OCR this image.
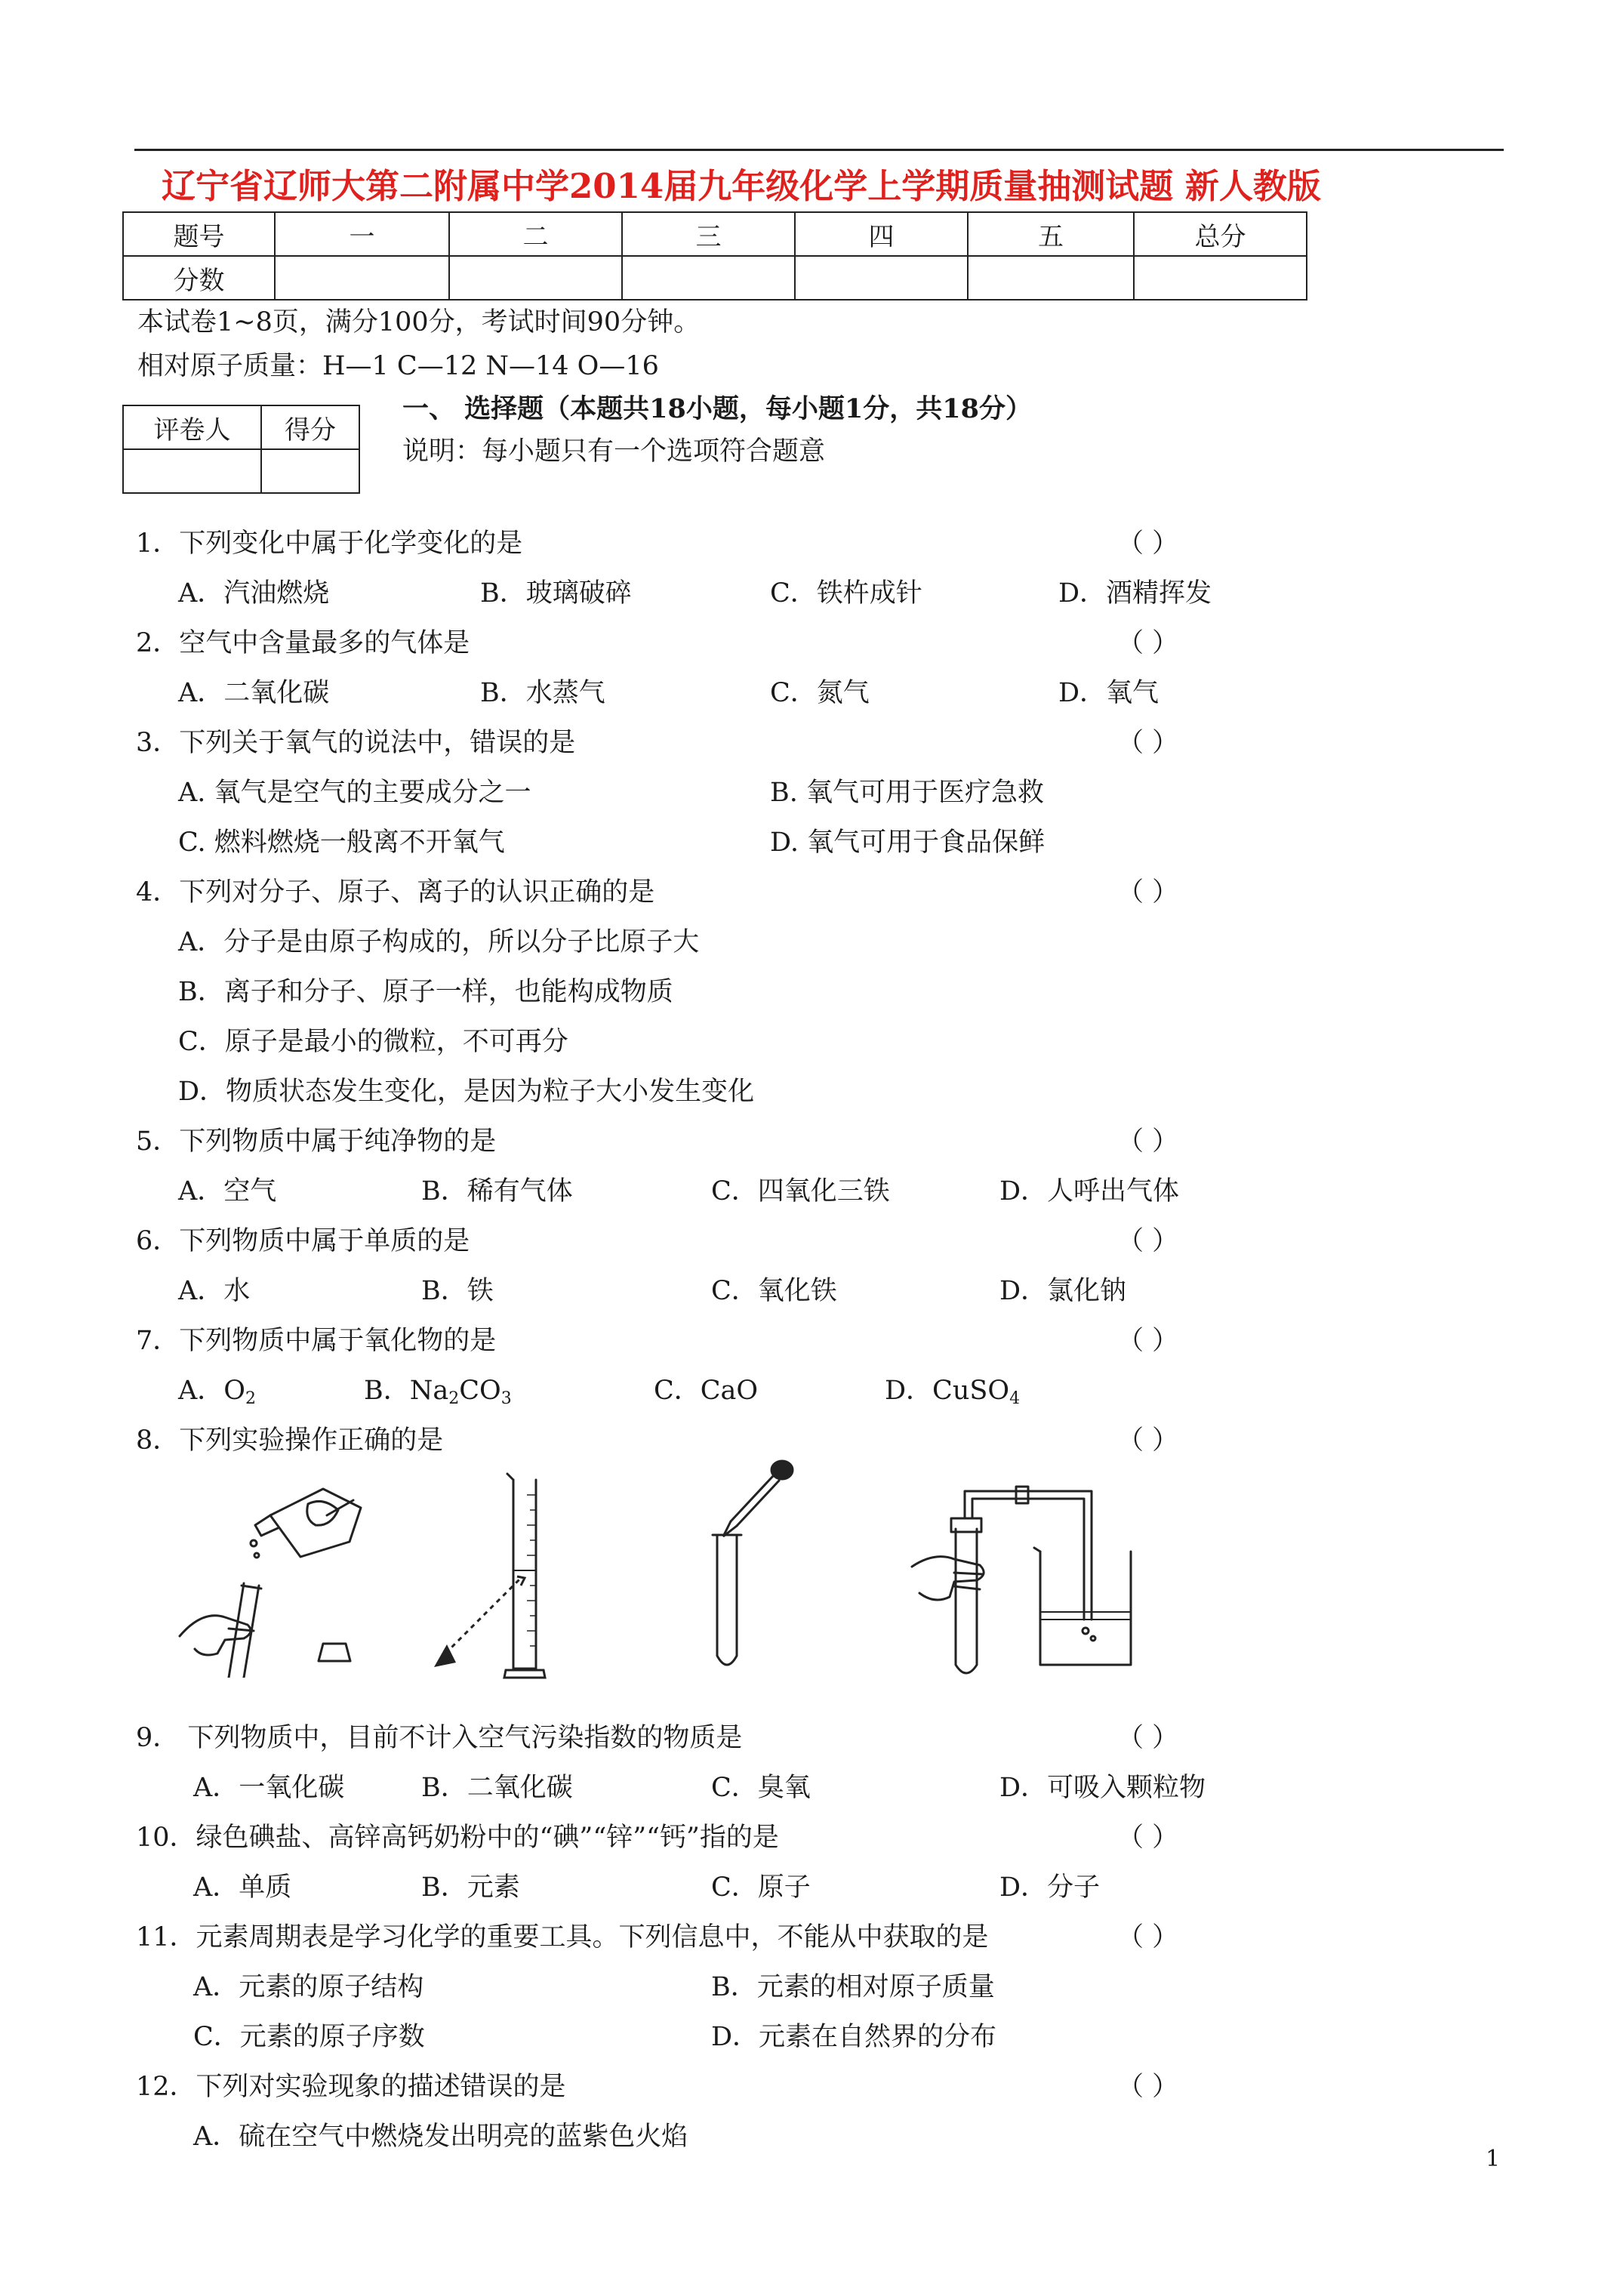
辽宁省辽师大第二附属中学2014届九年级化学上学期质量抽测试题 新人教版
题号	一	二	三	四	五	总分
分数						
本试卷1~8页，满分100分，考试时间90分钟。
相对原子质量：H—1 C—12 N—14 O—16
评卷人	得分

一、 选择题（本题共18小题，每小题1分，共18分）
说明：每小题只有一个选项符合题意
1．下列变化中属于化学变化的是	（ ）
A．汽油燃烧	B．玻璃破碎	C．铁杵成针	D．酒精挥发
2．空气中含量最多的气体是	（ ）
A．二氧化碳	B．水蒸气	C．氮气	D．氧气
3．下列关于氧气的说法中，错误的是	（ ）
A. 氧气是空气的主要成分之一	B. 氧气可用于医疗急救
C. 燃料燃烧一般离不开氧气	D. 氧气可用于食品保鲜
4．下列对分子、原子、离子的认识正确的是	（ ）
A．分子是由原子构成的，所以分子比原子大
B．离子和分子、原子一样，也能构成物质
C．原子是最小的微粒，不可再分
D．物质状态发生变化，是因为粒子大小发生变化
5．下列物质中属于纯净物的是	（ ）
A．空气	B．稀有气体	C．四氧化三铁	D．人呼出气体
6．下列物质中属于单质的是	（ ）
A．水	B．铁	C．氧化铁	D．氯化钠
7．下列物质中属于氧化物的是	（ ）
A．$O_2$	B．$Na_2CO_3$	C．CaO	D．CuSO$_4$
8．下列实验操作正确的是	（ ）
9． 下列物质中，目前不计入空气污染指数的物质是	（ ）
A．一氧化碳	B．二氧化碳	C．臭氧	D．可吸入颗粒物
10．绿色碘盐、高锌高钙奶粉中的“碘”“锌”“钙”指的是	（ ）
A．单质	B．元素	C．原子	D．分子
11．元素周期表是学习化学的重要工具。下列信息中，不能从中获取的是	（ ）
A．元素的原子结构	B．元素的相对原子质量
C．元素的原子序数	D．元素在自然界的分布
12．下列对实验现象的描述错误的是	（ ）
A．硫在空气中燃烧发出明亮的蓝紫色火焰
1
